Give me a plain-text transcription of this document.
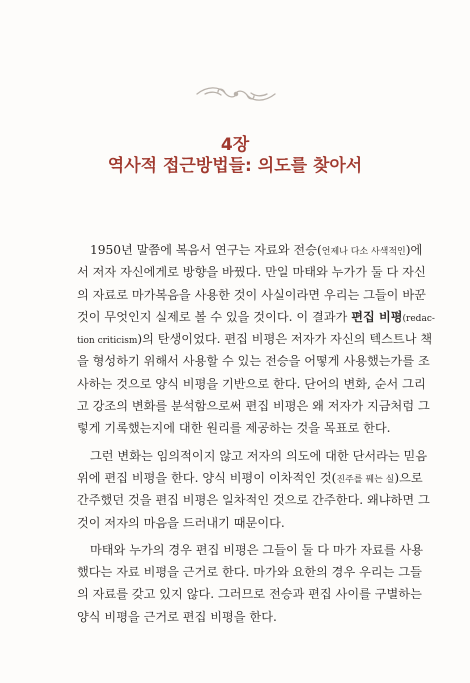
4장
역사적 접근방법들: 의도를 찾아서
1950년 말쯤에 복음서 연구는 자료와 전승(언제나 다소 사색적인)에
서 저자 자신에게로 방향을 바꿨다. 만일 마태와 누가가 둘 다 자신
의 자료로 마가복음을 사용한 것이 사실이라면 우리는 그들이 바꾼
것이 무엇인지 실제로 볼 수 있을 것이다. 이 결과가 편집 비평(redac-
tion criticism)의 탄생이었다. 편집 비평은 저자가 자신의 텍스트나 책
을 형성하기 위해서 사용할 수 있는 전승을 어떻게 사용했는가를 조
사하는 것으로 양식 비평을 기반으로 한다. 단어의 변화, 순서 그리
고 강조의 변화를 분석함으로써 편집 비평은 왜 저자가 지금처럼 그
렇게 기록했는지에 대한 원리를 제공하는 것을 목표로 한다.
그런 변화는 임의적이지 않고 저자의 의도에 대한 단서라는 믿음
위에 편집 비평을 한다. 양식 비평이 이차적인 것(진주를 꿰는 실)으로
간주했던 것을 편집 비평은 일차적인 것으로 간주한다. 왜냐하면 그
것이 저자의 마음을 드러내기 때문이다.
마태와 누가의 경우 편집 비평은 그들이 둘 다 마가 자료를 사용
했다는 자료 비평을 근거로 한다. 마가와 요한의 경우 우리는 그들
의 자료를 갖고 있지 않다. 그러므로 전승과 편집 사이를 구별하는
양식 비평을 근거로 편집 비평을 한다.
